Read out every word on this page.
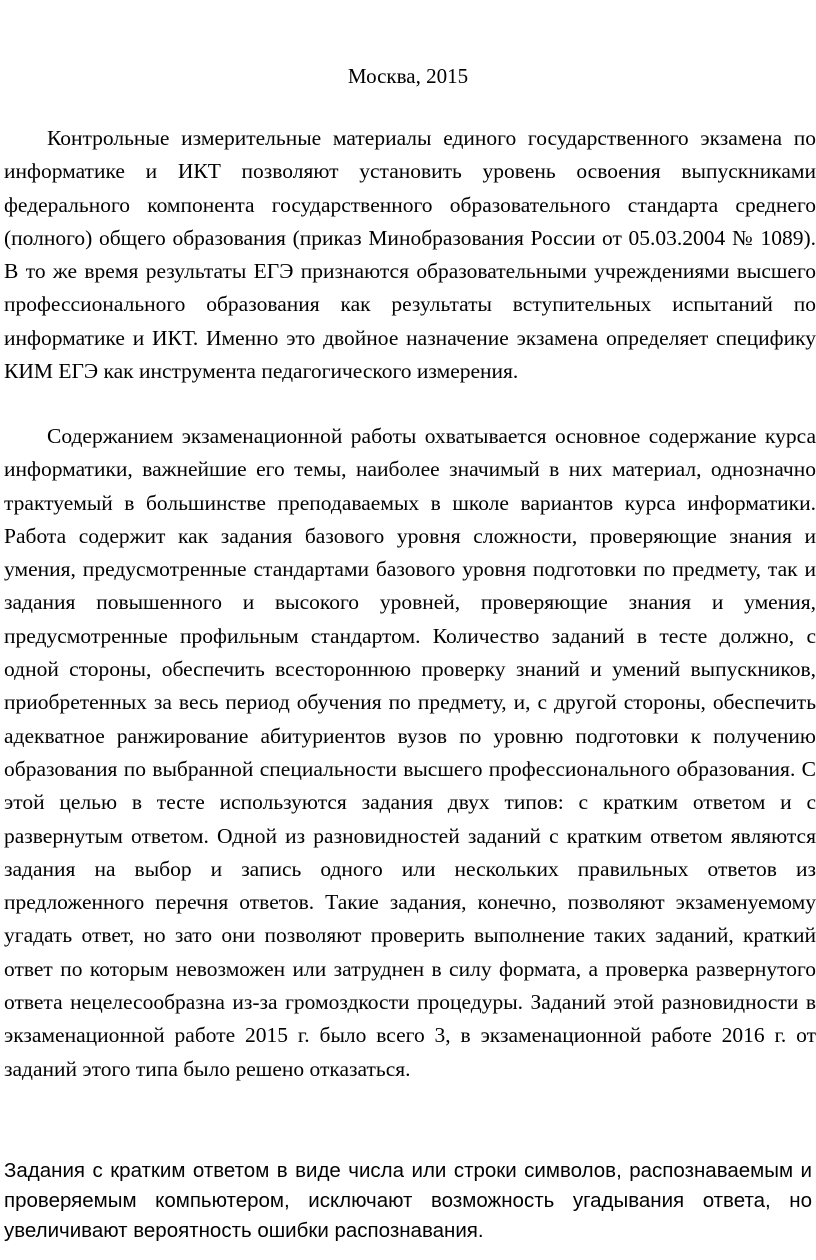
Москва, 2015

Контрольные измерительные материалы единого государственного экзамена по информатике и ИКТ позволяют установить уровень освоения выпускниками федерального компонента государственного образовательного стандарта среднего (полного) общего образования (приказ Минобразования России от 05.03.2004 № 1089). В то же время результаты ЕГЭ признаются образовательными учреждениями высшего профессионального образования как результаты вступительных испытаний по информатике и ИКТ. Именно это двойное назначение экзамена определяет специфику КИМ ЕГЭ как инструмента педагогического измерения.

Содержанием экзаменационной работы охватывается основное содержание курса информатики, важнейшие его темы, наиболее значимый в них материал, однозначно трактуемый в большинстве преподаваемых в школе вариантов курса информатики. Работа содержит как задания базового уровня сложности, проверяющие знания и умения, предусмотренные стандартами базового уровня подготовки по предмету, так и задания повышенного и высокого уровней, проверяющие знания и умения, предусмотренные профильным стандартом. Количество заданий в тесте должно, с одной стороны, обеспечить всестороннюю проверку знаний и умений выпускников, приобретенных за весь период обучения по предмету, и, с другой стороны, обеспечить адекватное ранжирование абитуриентов вузов по уровню подготовки к получению образования по выбранной специальности высшего профессионального образования. С этой целью в тесте используются задания двух типов: с кратким ответом и с развернутым ответом. Одной из разновидностей заданий с кратким ответом являются задания на выбор и запись одного или нескольких правильных ответов из предложенного перечня ответов. Такие задания, конечно, позволяют экзаменуемому угадать ответ, но зато они позволяют проверить выполнение таких заданий, краткий ответ по которым невозможен или затруднен в силу формата, а проверка развернутого ответа нецелесообразна из-за громоздкости процедуры. Заданий этой разновидности в экзаменационной работе 2015 г. было всего 3, в экзаменационной работе 2016 г. от заданий этого типа было решено отказаться.

Задания с кратким ответом в виде числа или строки символов, распознаваемым и проверяемым компьютером, исключают возможность угадывания ответа, но увеличивают вероятность ошибки распознавания.
